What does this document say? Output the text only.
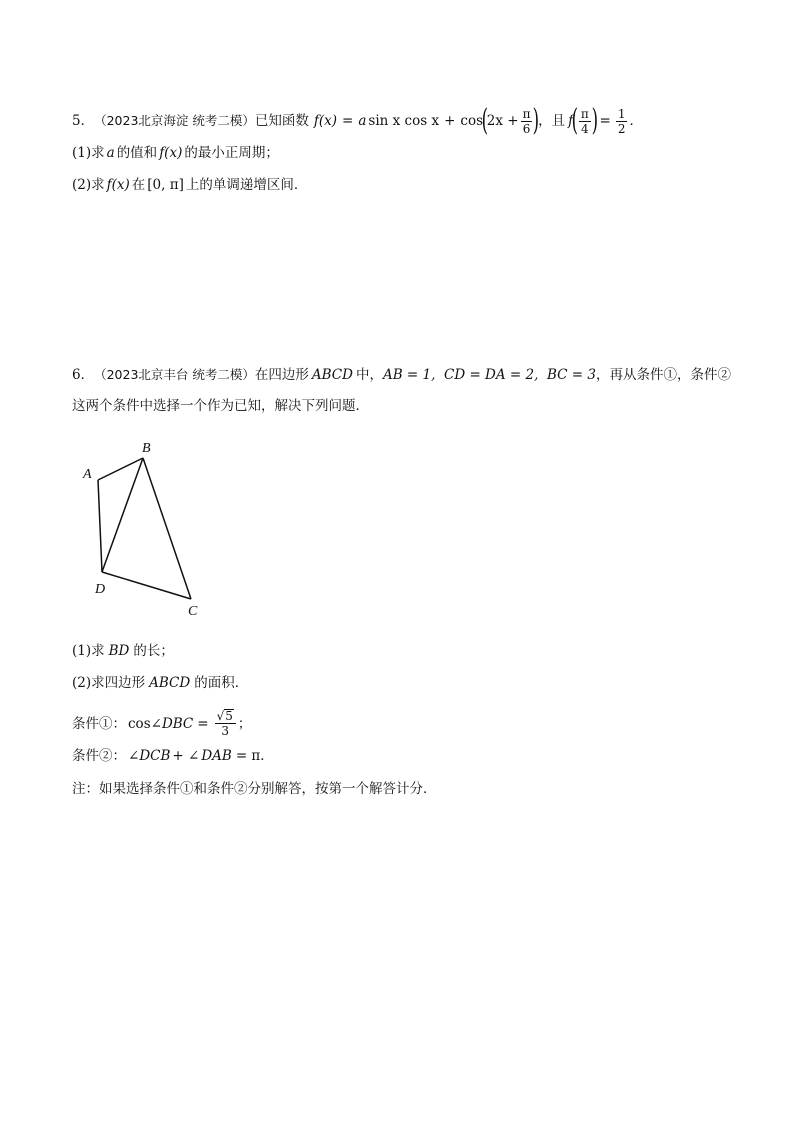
5． （2023北京海淀 统考二模） 已知函数 f(x) = a sin x cos x + cos
(
$2x + \frac{\pi}{6}$ )
，且 f
( $\frac{\pi}{4}$ ) = $\frac{1}{2}$ ．
(1)求 a 的值和 f(x) 的最小正周期；
(2)求 f(x) 在 [0, π] 上的单调递增区间．
6． （2023北京丰台 统考二模） 在四边形 ABCD 中， AB = 1,  CD = DA = 2,  BC = 3 ，再从条件①，条件②
这两个条件中选择一个作为已知，解决下列问题．
A
B
C
D
(1)求 BD 的长；
(2)求四边形 ABCD 的面积．
条件①： cos∠ DBC = $\frac{√ 5}{3}$ ；
条件②： ∠ DCB + ∠ DAB = π．
注：如果选择条件①和条件②分别解答，按第一个解答计分．
